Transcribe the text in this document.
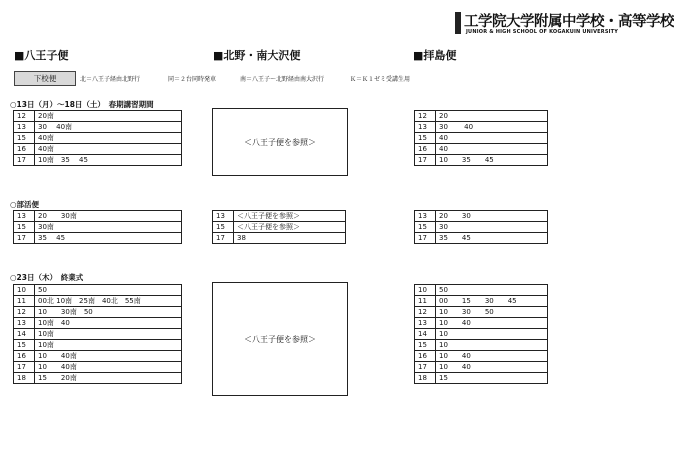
工学院大学附属中学校・高等学校
JUNIOR & HIGH SCHOOL OF KOGAKUIN UNIVERSITY
■八王子便	■北野・南大沢便	■拝島便
下校便	北＝八王子経由北野行	同＝２台同時発車	南＝八王子～北野経由南大沢行	Ｋ＝Ｋ１ゼミ受講生用
○13日（月）～18日（土）　春期講習期間
○部活便
○23日（木）　終業式
12	20南
13	30　 40南
15	40南
16	40南
17	10南　35　 45
＜八王子便を参照＞
12	20
13	30　　 40
15	40
16	40
17	10　　35　　45
13	20　　30南
15	30南
17	35　 45
13	＜八王子便を参照＞
15	＜八王子便を参照＞
17	38
13	20　　30
15	30
17	35　　45
10	50
11	00北 10南　25南　40北　55南
12	10　　30南　50
13	10南　40
14	10南
15	10南
16	10　　40南
17	10　　40南
18	15　　20南
＜八王子便を参照＞
10	50
11	00　　15　　30　　45
12	10　　30　　50
13	10　　40
14	10
15	10
16	10　　40
17	10　　40
18	15
